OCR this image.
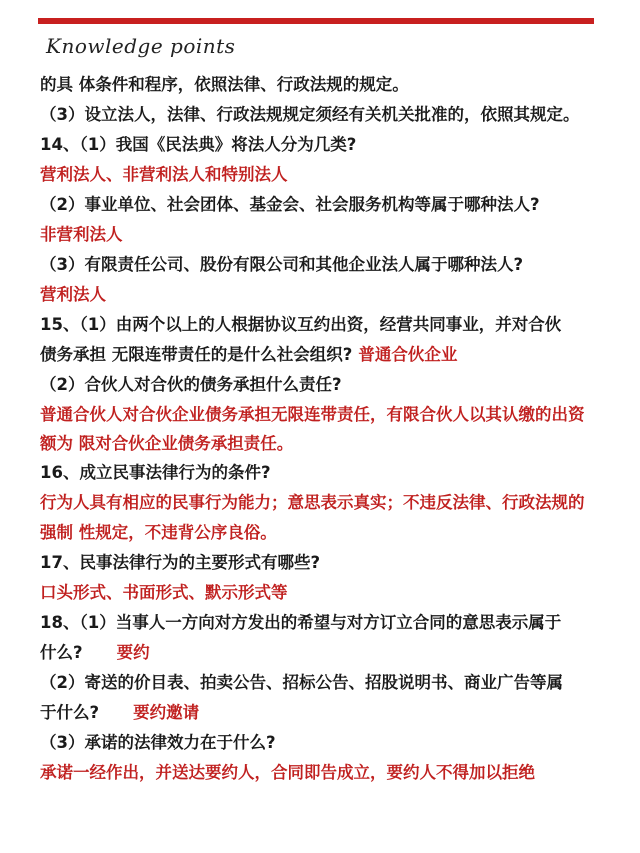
Knowledge points
的具 体条件和程序，依照法律、行政法规的规定。
（3）设立法人，法律、行政法规规定须经有关机关批准的，依照其规定。
14、（1）我国《民法典》将法人分为几类?
营利法人、非营利法人和特别法人
（2）事业单位、社会团体、基金会、社会服务机构等属于哪种法人?
非营利法人
（3）有限责任公司、股份有限公司和其他企业法人属于哪种法人?
营利法人
15、（1）由两个以上的人根据协议互约出资，经营共同事业，并对合伙
债务承担 无限连带责任的是什么社会组织? 普通合伙企业
（2）合伙人对合伙的债务承担什么责任?
普通合伙人对合伙企业债务承担无限连带责任，有限合伙人以其认缴的出资
额为 限对合伙企业债务承担责任。
16、成立民事法律行为的条件?
行为人具有相应的民事行为能力；意思表示真实；不违反法律、行政法规的
强制 性规定，不违背公序良俗。
17、民事法律行为的主要形式有哪些?
口头形式、书面形式、默示形式等
18、（1）当事人一方向对方发出的希望与对方订立合同的意思表示属于
什么? 要约
（2）寄送的价目表、拍卖公告、招标公告、招股说明书、商业广告等属
于什么? 要约邀请
（3）承诺的法律效力在于什么?
承诺一经作出，并送达要约人，合同即告成立，要约人不得加以拒绝
